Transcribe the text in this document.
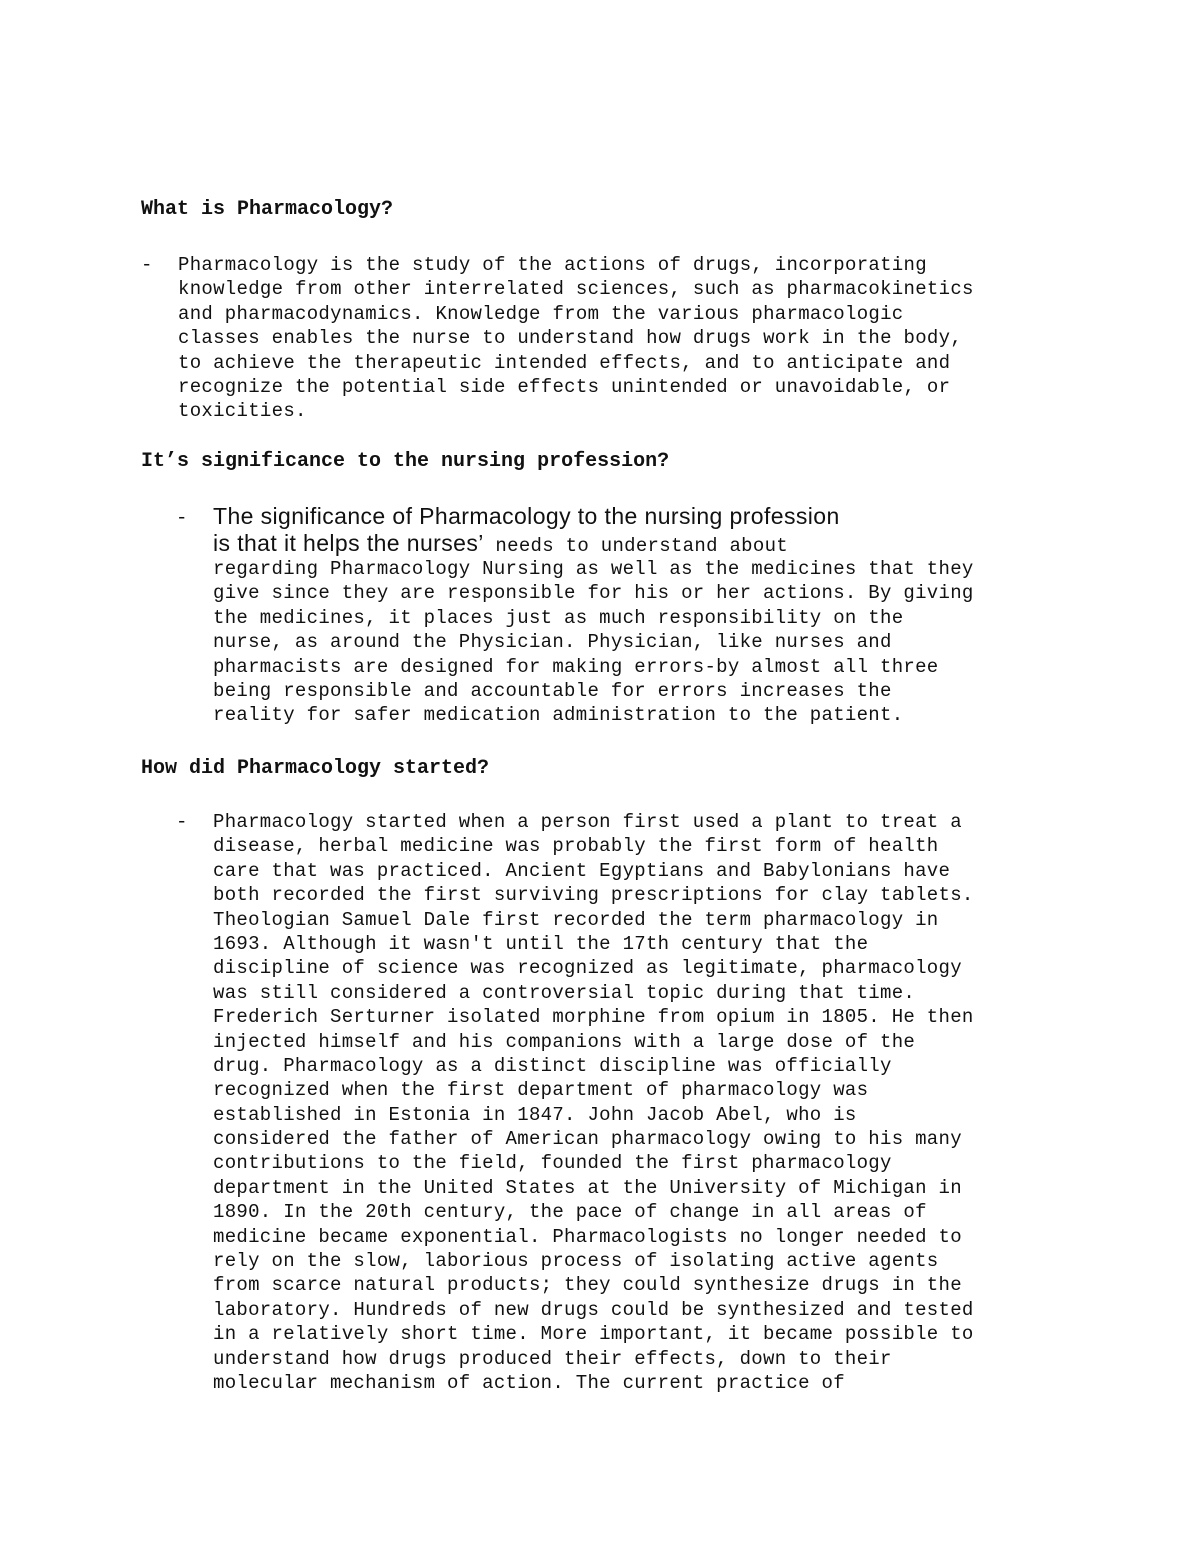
What is Pharmacology?
- Pharmacology is the study of the actions of drugs, incorporating
knowledge from other interrelated sciences, such as pharmacokinetics
and pharmacodynamics. Knowledge from the various pharmacologic
classes enables the nurse to understand how drugs work in the body,
to achieve the therapeutic intended effects, and to anticipate and
recognize the potential side effects unintended or unavoidable, or
toxicities.
It’s significance to the nursing profession?
- The significance of Pharmacology to the nursing profession
is that it helps the nurses’ needs to understand about
regarding Pharmacology Nursing as well as the medicines that they
give since they are responsible for his or her actions. By giving
the medicines, it places just as much responsibility on the
nurse, as around the Physician. Physician, like nurses and
pharmacists are designed for making errors-by almost all three
being responsible and accountable for errors increases the
reality for safer medication administration to the patient.
How did Pharmacology started?
- Pharmacology started when a person first used a plant to treat a
disease, herbal medicine was probably the first form of health
care that was practiced. Ancient Egyptians and Babylonians have
both recorded the first surviving prescriptions for clay tablets.
Theologian Samuel Dale first recorded the term pharmacology in
1693. Although it wasn't until the 17th century that the
discipline of science was recognized as legitimate, pharmacology
was still considered a controversial topic during that time.
Frederich Serturner isolated morphine from opium in 1805. He then
injected himself and his companions with a large dose of the
drug. Pharmacology as a distinct discipline was officially
recognized when the first department of pharmacology was
established in Estonia in 1847. John Jacob Abel, who is
considered the father of American pharmacology owing to his many
contributions to the field, founded the first pharmacology
department in the United States at the University of Michigan in
1890. In the 20th century, the pace of change in all areas of
medicine became exponential. Pharmacologists no longer needed to
rely on the slow, laborious process of isolating active agents
from scarce natural products; they could synthesize drugs in the
laboratory. Hundreds of new drugs could be synthesized and tested
in a relatively short time. More important, it became possible to
understand how drugs produced their effects, down to their
molecular mechanism of action. The current practice of
